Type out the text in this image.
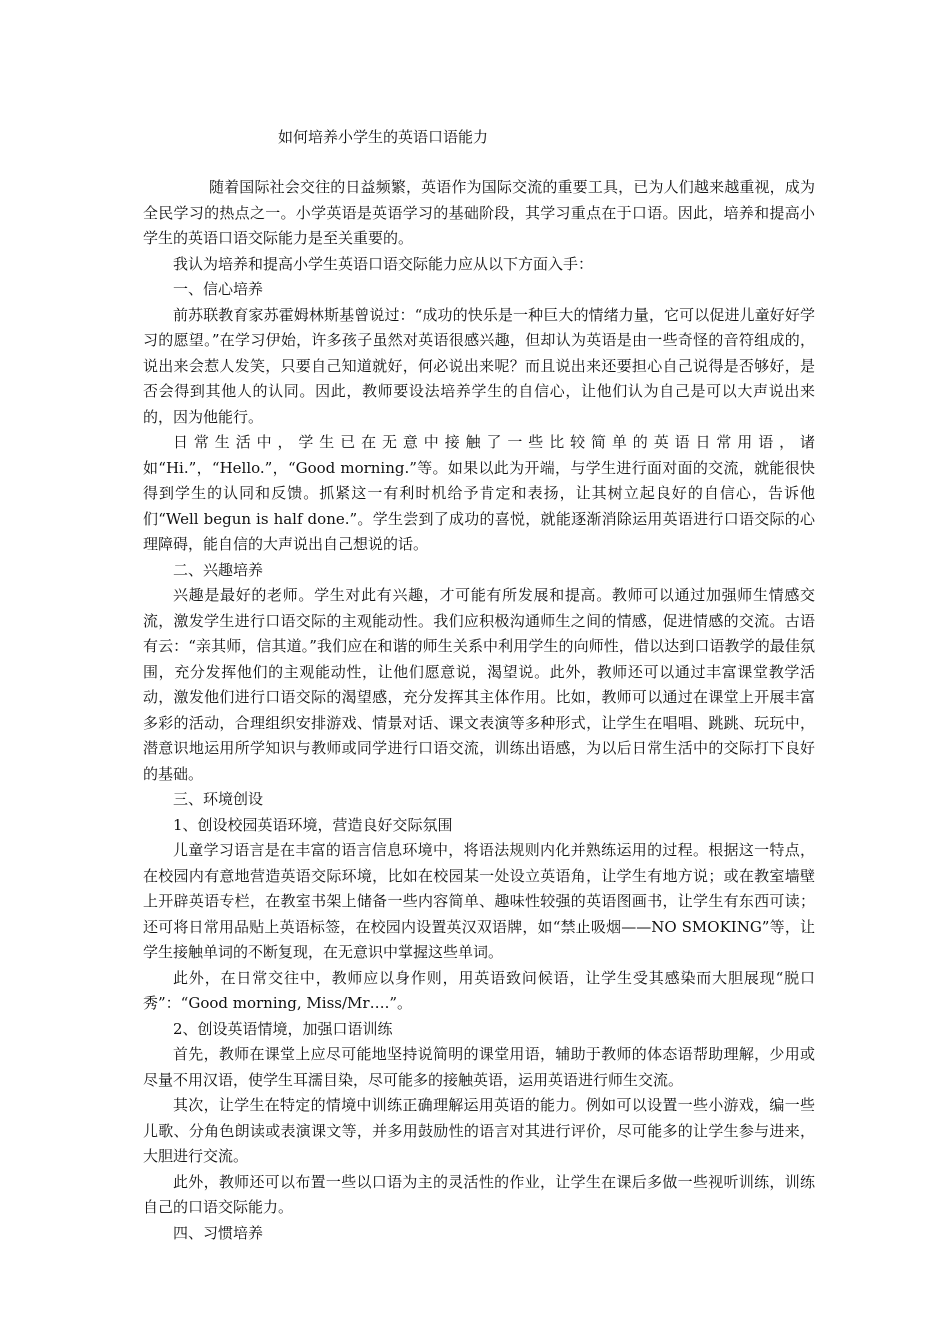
如何培养小学生的英语口语能力

随着国际社会交往的日益频繁，英语作为国际交流的重要工具，已为人们越来越重视，成为全民学习的热点之一。小学英语是英语学习的基础阶段，其学习重点在于口语。因此，培养和提高小学生的英语口语交际能力是至关重要的。

我认为培养和提高小学生英语口语交际能力应从以下方面入手：

一、信心培养

前苏联教育家苏霍姆林斯基曾说过：“成功的快乐是一种巨大的情绪力量，它可以促进儿童好好学习的愿望。”在学习伊始，许多孩子虽然对英语很感兴趣，但却认为英语是由一些奇怪的音符组成的，说出来会惹人发笑，只要自己知道就好，何必说出来呢？而且说出来还要担心自己说得是否够好，是否会得到其他人的认同。因此，教师要设法培养学生的自信心，让他们认为自己是可以大声说出来的，因为他能行。

日常生活中，学生已在无意中接触了一些比较简单的英语日常用语，诸如“Hi.”，“Hello.”，“Good morning.”等。如果以此为开端，与学生进行面对面的交流，就能很快得到学生的认同和反馈。抓紧这一有利时机给予肯定和表扬，让其树立起良好的自信心，告诉他们“Well begun is half done.”。学生尝到了成功的喜悦，就能逐渐消除运用英语进行口语交际的心理障碍，能自信的大声说出自己想说的话。

二、兴趣培养

兴趣是最好的老师。学生对此有兴趣，才可能有所发展和提高。教师可以通过加强师生情感交流，激发学生进行口语交际的主观能动性。我们应积极沟通师生之间的情感，促进情感的交流。古语有云：“亲其师，信其道。”我们应在和谐的师生关系中利用学生的向师性，借以达到口语教学的最佳氛围，充分发挥他们的主观能动性，让他们愿意说，渴望说。此外，教师还可以通过丰富课堂教学活动，激发他们进行口语交际的渴望感，充分发挥其主体作用。比如，教师可以通过在课堂上开展丰富多彩的活动，合理组织安排游戏、情景对话、课文表演等多种形式，让学生在唱唱、跳跳、玩玩中，潜意识地运用所学知识与教师或同学进行口语交流，训练出语感，为以后日常生活中的交际打下良好的基础。

三、环境创设

1、创设校园英语环境，营造良好交际氛围

儿童学习语言是在丰富的语言信息环境中，将语法规则内化并熟练运用的过程。根据这一特点，在校园内有意地营造英语交际环境，比如在校园某一处设立英语角，让学生有地方说；或在教室墙壁上开辟英语专栏，在教室书架上储备一些内容简单、趣味性较强的英语图画书，让学生有东西可读；还可将日常用品贴上英语标签，在校园内设置英汉双语牌，如“禁止吸烟——NO SMOKING”等，让学生接触单词的不断复现，在无意识中掌握这些单词。

此外，在日常交往中，教师应以身作则，用英语致问候语，让学生受其感染而大胆展现“脱口秀”：“Good morning, Miss/Mr….”。

2、创设英语情境，加强口语训练

首先，教师在课堂上应尽可能地坚持说简明的课堂用语，辅助于教师的体态语帮助理解，少用或尽量不用汉语，使学生耳濡目染，尽可能多的接触英语，运用英语进行师生交流。

其次，让学生在特定的情境中训练正确理解运用英语的能力。例如可以设置一些小游戏，编一些儿歌、分角色朗读或表演课文等，并多用鼓励性的语言对其进行评价，尽可能多的让学生参与进来，大胆进行交流。

此外，教师还可以布置一些以口语为主的灵活性的作业，让学生在课后多做一些视听训练，训练自己的口语交际能力。

四、习惯培养
